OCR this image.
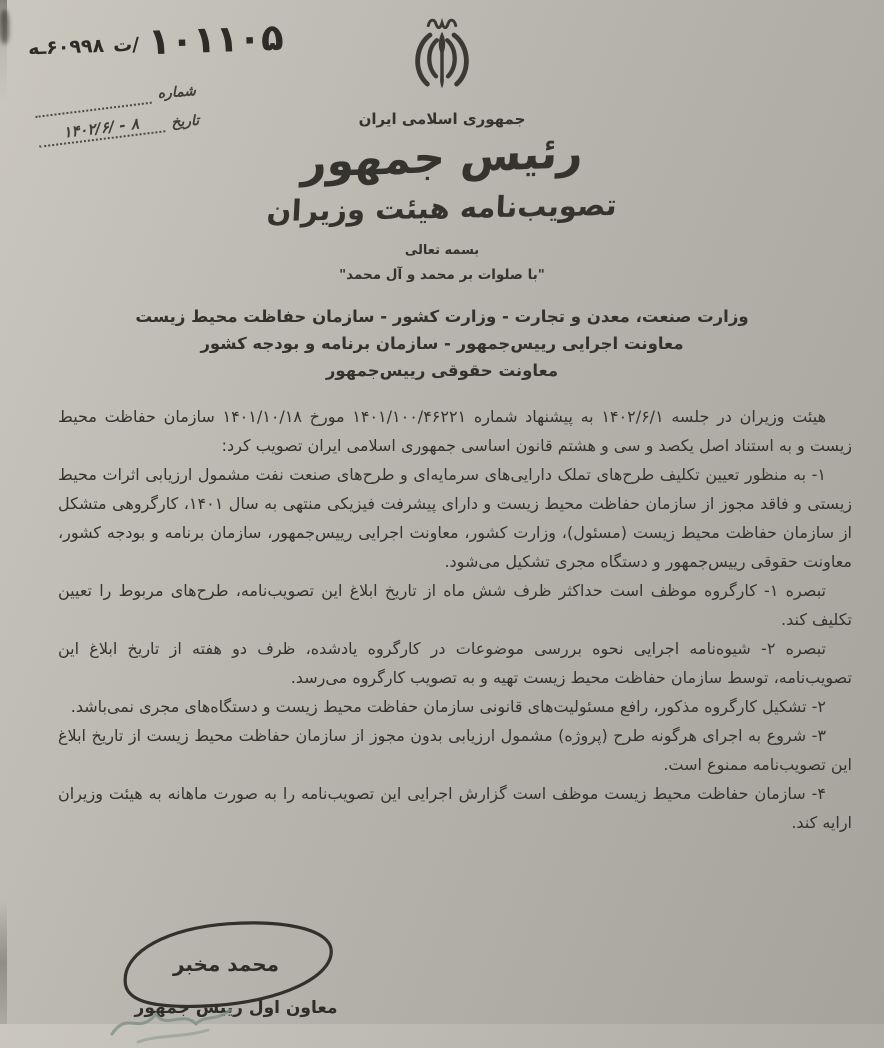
۱۰۱۱۰۵
ت/
۶۰۹۹۸ـه
شماره
تاریخ
۱۴۰۲/۶/ - ۸	جمهوری اسلامی ایران
رئیس جمهور
تصویب‌نامه هیئت وزیران
بسمه تعالی
"با صلوات بر محمد و آل محمد"
وزارت صنعت، معدن و تجارت - وزارت کشور - سازمان حفاظت محیط زیست
معاونت اجرایی رییس‌جمهور - سازمان برنامه و بودجه کشور
معاونت حقوقی رییس‌جمهور

هیئت وزیران در جلسه ۱۴۰۲/۶/۱ به پیشنهاد شماره ۱۴۰۱/۱۰۰/۴۶۲۲۱ مورخ ۱۴۰۱/۱۰/۱۸ سازمان حفاظت محیط زیست و به استناد اصل یکصد و سی و هشتم قانون اساسی جمهوری اسلامی ایران تصویب کرد:

۱- به منظور تعیین تکلیف طرح‌های تملک دارایی‌های سرمایه‌ای و طرح‌های صنعت نفت مشمول ارزیابی اثرات محیط زیستی و فاقد مجوز از سازمان حفاظت محیط زیست و دارای پیشرفت فیزیکی منتهی به سال ۱۴۰۱، کارگروهی متشکل از سازمان حفاظت محیط زیست (مسئول)، وزارت کشور، معاونت اجرایی رییس‌جمهور، سازمان برنامه و بودجه کشور، معاونت حقوقی رییس‌جمهور و دستگاه مجری تشکیل می‌شود.

تبصره ۱- کارگروه موظف است حداکثر ظرف شش ماه از تاریخ ابلاغ این تصویب‌نامه، طرح‌های مربوط را تعیین تکلیف کند.

تبصره ۲- شیوه‌نامه اجرایی نحوه بررسی موضوعات در کارگروه یادشده، ظرف دو هفته از تاریخ ابلاغ این تصویب‌نامه، توسط سازمان حفاظت محیط زیست تهیه و به تصویب کارگروه می‌رسد.

۲- تشکیل کارگروه مذکور، رافع مسئولیت‌های قانونی سازمان حفاظت محیط زیست و دستگاه‌های مجری نمی‌باشد.

۳- شروع به اجرای هرگونه طرح (پروژه) مشمول ارزیابی بدون مجوز از سازمان حفاظت محیط زیست از تاریخ ابلاغ این تصویب‌نامه ممنوع است.

۴- سازمان حفاظت محیط زیست موظف است گزارش اجرایی این تصویب‌نامه را به صورت ماهانه به هیئت وزیران ارایه کند.

محمد مخبر
معاون اول رییس جمهور
